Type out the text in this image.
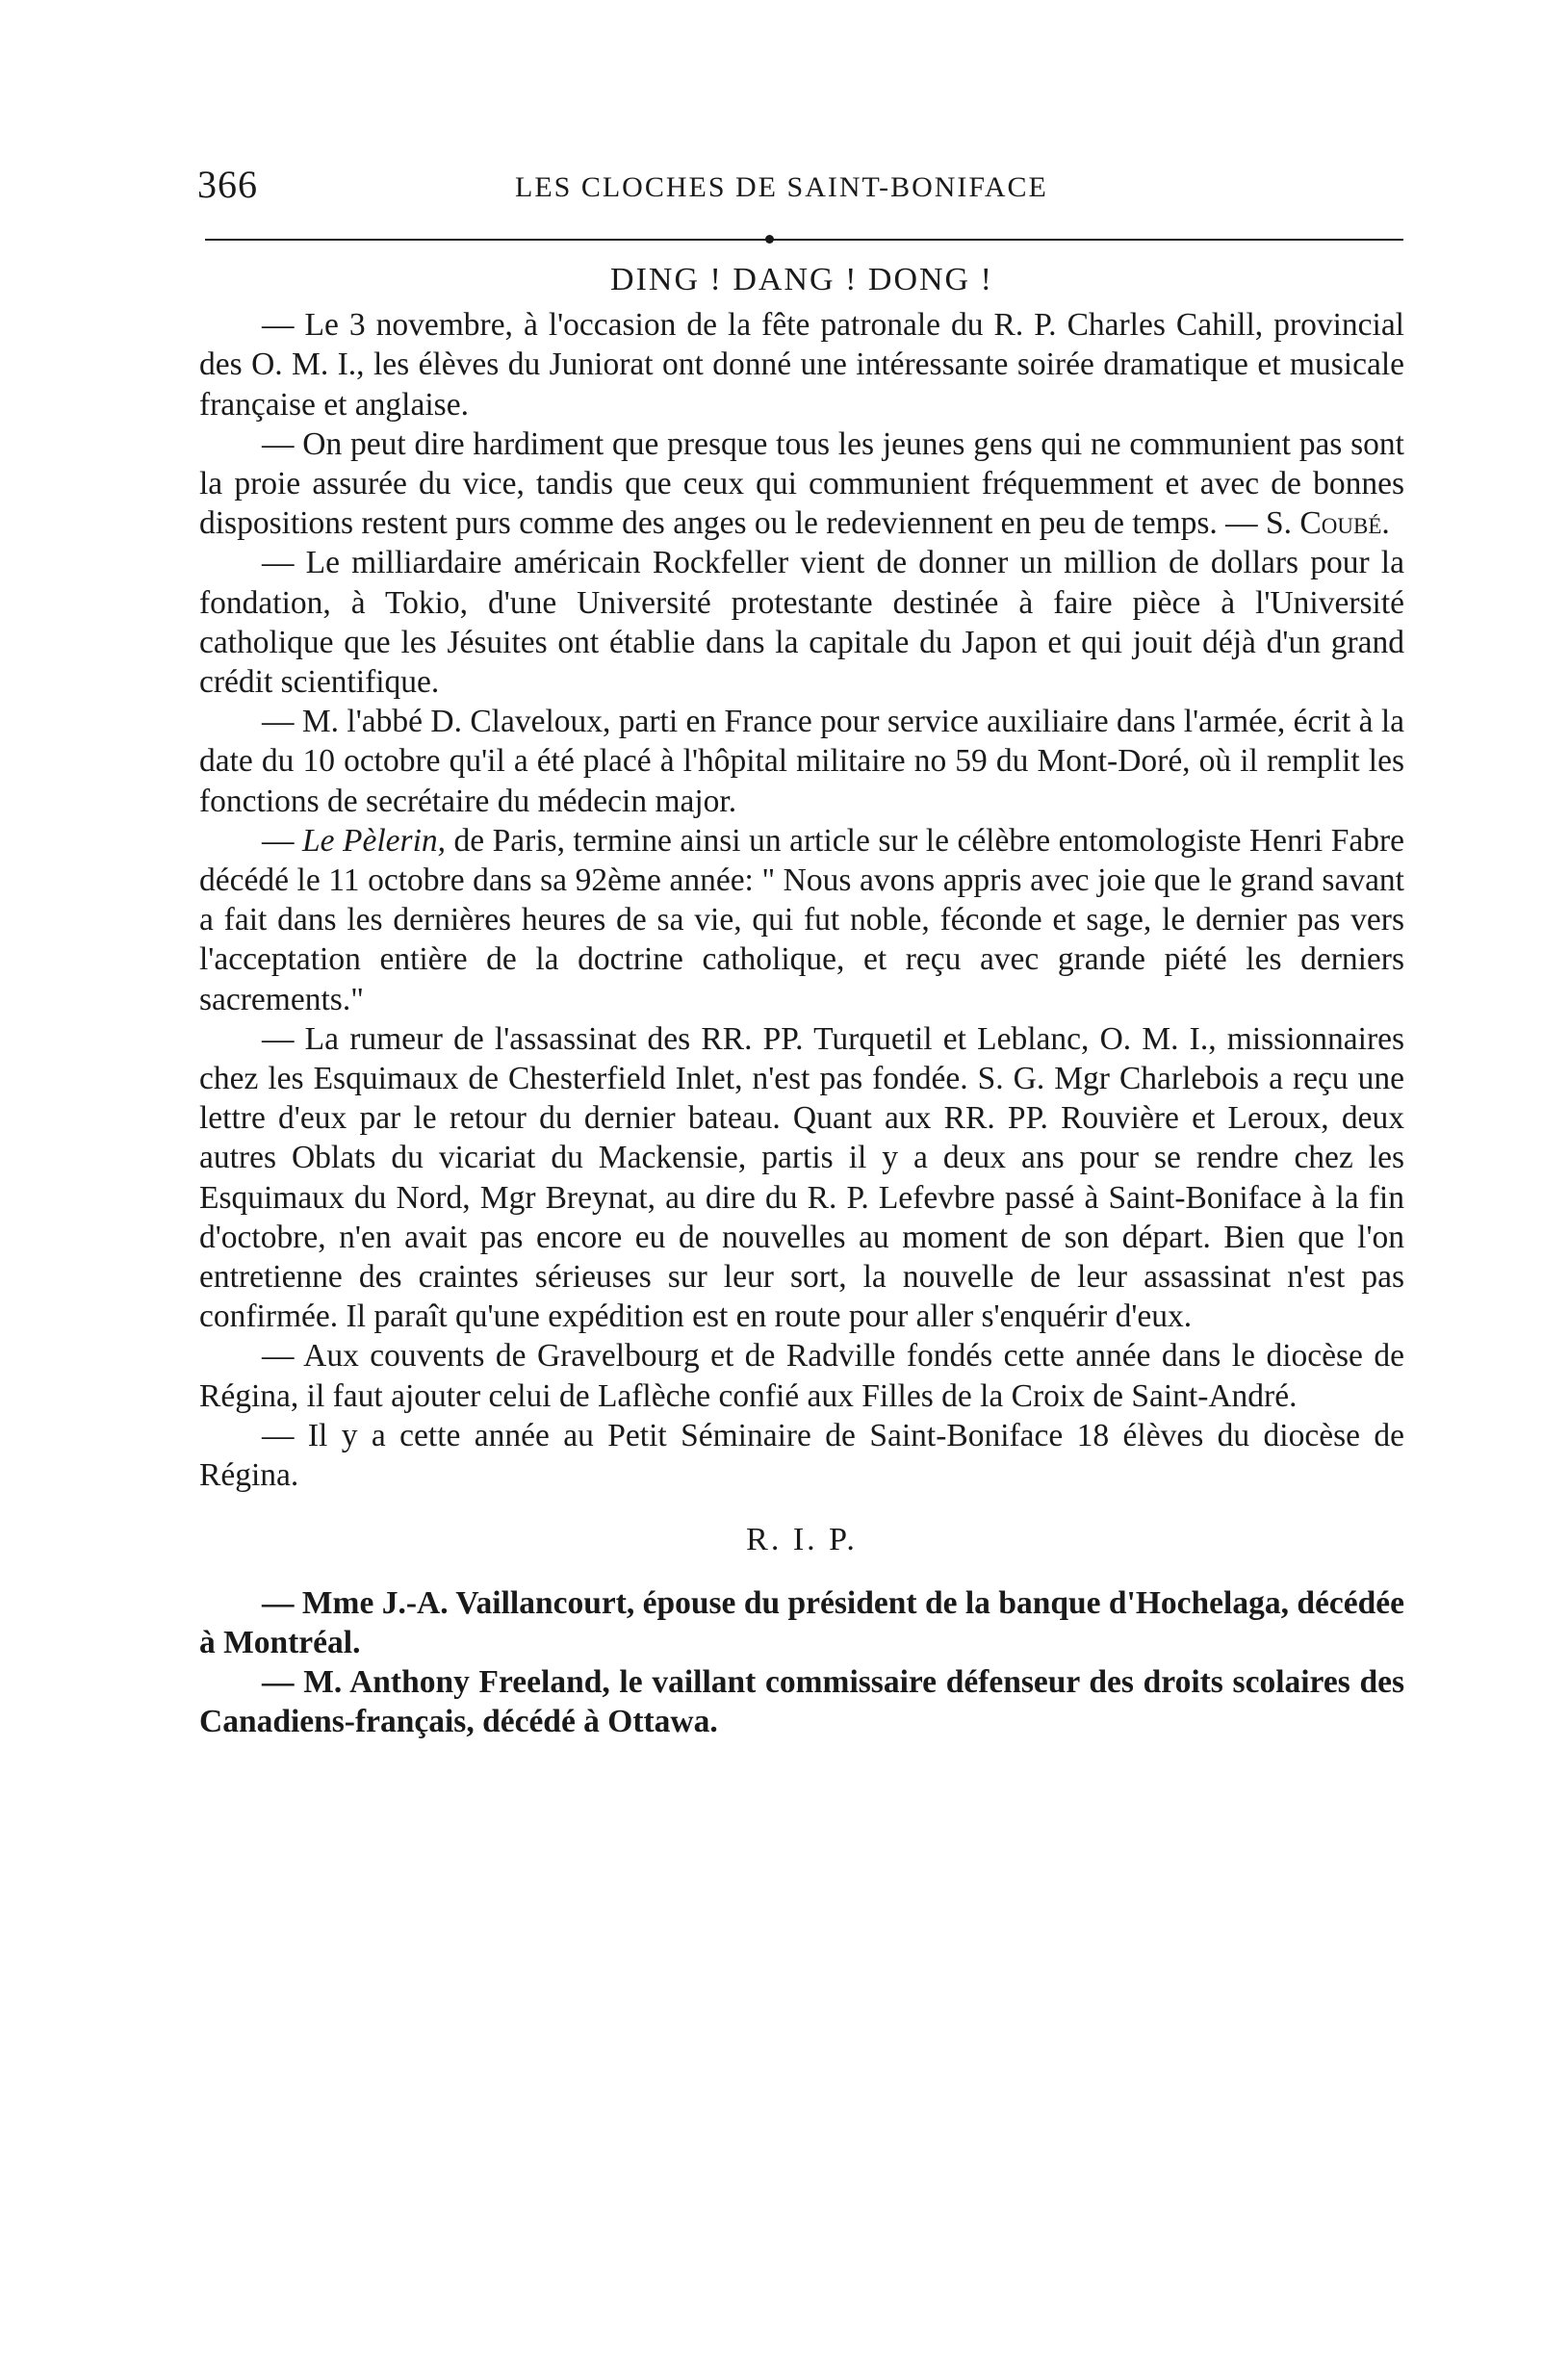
366	LES CLOCHES DE SAINT-BONIFACE
DING ! DANG ! DONG !

— Le 3 novembre, à l'occasion de la fête patronale du R. P. Charles Cahill, provincial des O. M. I., les élèves du Juniorat ont donné une intéressante soirée dramatique et musicale française et anglaise.

— On peut dire hardiment que presque tous les jeunes gens qui ne communient pas sont la proie assurée du vice, tandis que ceux qui communient fréquemment et avec de bonnes dispositions restent purs comme des anges ou le redeviennent en peu de temps. — S. Coubé.

— Le milliardaire américain Rockfeller vient de donner un million de dollars pour la fondation, à Tokio, d'une Université protestante destinée à faire pièce à l'Université catholique que les Jésuites ont établie dans la capitale du Japon et qui jouit déjà d'un grand crédit scientifique.

— M. l'abbé D. Claveloux, parti en France pour service auxiliaire dans l'armée, écrit à la date du 10 octobre qu'il a été placé à l'hôpital militaire no 59 du Mont-Doré, où il remplit les fonctions de secrétaire du médecin major.

— Le Pèlerin, de Paris, termine ainsi un article sur le célèbre entomologiste Henri Fabre décédé le 11 octobre dans sa 92ème année: " Nous avons appris avec joie que le grand savant a fait dans les dernières heures de sa vie, qui fut noble, féconde et sage, le dernier pas vers l'acceptation entière de la doctrine catholique, et reçu avec grande piété les derniers sacrements."

— La rumeur de l'assassinat des RR. PP. Turquetil et Leblanc, O. M. I., missionnaires chez les Esquimaux de Chesterfield Inlet, n'est pas fondée. S. G. Mgr Charlebois a reçu une lettre d'eux par le retour du dernier bateau. Quant aux RR. PP. Rouvière et Leroux, deux autres Oblats du vicariat du Mackensie, partis il y a deux ans pour se rendre chez les Esquimaux du Nord, Mgr Breynat, au dire du R. P. Lefevbre passé à Saint-Boniface à la fin d'octobre, n'en avait pas encore eu de nouvelles au moment de son départ. Bien que l'on entretienne des craintes sérieuses sur leur sort, la nouvelle de leur assassinat n'est pas confirmée. Il paraît qu'une expédition est en route pour aller s'enquérir d'eux.

— Aux couvents de Gravelbourg et de Radville fondés cette année dans le diocèse de Régina, il faut ajouter celui de Laflèche confié aux Filles de la Croix de Saint-André.

— Il y a cette année au Petit Séminaire de Saint-Boniface 18 élèves du diocèse de Régina.

R. I. P.

— Mme J.-A. Vaillancourt, épouse du président de la banque d'Hochelaga, décédée à Montréal.

— M. Anthony Freeland, le vaillant commissaire défenseur des droits scolaires des Canadiens-français, décédé à Ottawa.
